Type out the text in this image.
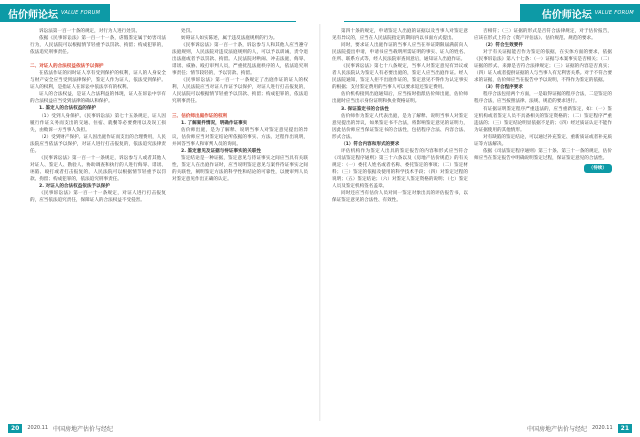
估价师论坛 VALUE FORUM	估价师论坛 VALUE FORUM

诉讼法第一百一十条的规定，对行为人进行处罚。

依据《民事诉讼法》第一百一十一条，虐假鉴定属于妨害司法行为，人民法院可以根据情节轻重予以罚款、拘留；构成犯罪的，依法追究刑事责任。

二、对证人的合法权益依法予以保护

在依法作证的同时证人享有受到保护的权利，证人的人身安全与财产安全应当受到法律保护，鉴定人作为证人，依法受到保护。证人的权利，是指证人在诉讼中依法享有的权利。

证人的合法权益，是证人合法利益的体现，证人在诉讼中享有的合法权益应当受到法律的确认和保护。

1. 鉴定人的合法权益的保护

（1）受到人身保护。《民事诉讼法》第七十五条规定，证人因履行作证义务而支出的交通、住宿、就餐等必要费用以及误工损失，由败诉一方当事人负担。

（2）受到财产保护。证人因出庭作证而支出的合理费用，人民法院应当依法予以保护，对证人进行打击报复的，依法追究法律责任。

《民事诉讼法》第一百一十一条规定，诉讼参与人或者其他人对证人、鉴定人、勘验人、协助调查和执行的人进行侮辱、诽谤、诬陷、殴打或者打击报复的，人民法院可以根据情节轻重予以罚款、拘留；构成犯罪的，依法追究刑事责任。

2. 对证人的合法权益依法予以保护

《民事诉讼法》第一百一十一条规定，对证人进行打击报复的，应当依法追究责任，保障证人的合法权益不受侵害。

处罚。

妨碍证人如实陈述，属于违反法庭规则的行为。

《民事诉讼法》第一百一十条，诉讼参与人和其他人应当遵守法庭规则，人民法院对违反法庭规则的人，可以予以训诫，责令退出法庭或者予以罚款、拘留。人民法院对哄闹、冲击法庭，侮辱、诽谤、威胁、殴打审判人员，严重扰乱法庭秩序的人，依法追究刑事责任；情节较轻的，予以罚款、拘留。

《民事诉讼法》第一百一十一条规定了出庭作证的证人的权利，人民法院应当对证人作证予以保护，对证人进行打击报复的，人民法院可以根据情节轻重予以罚款、拘留；构成犯罪的，依法追究刑事责任。

三、估价师出庭作证的权利

1. 了解案件情况，明确作证事实

估价师出庭，是为了解释、说明当事人对鉴定意见提出的异议，估价师应当对鉴定结论所依据的事实、方法、过程作出说明，并回答当事人和审判人员的询问。

2. 鉴定意见及证据与待证事实的关联性

鉴定结论是一种证据，鉴定意见与待证事实之间应当具有关联性，鉴定人在出庭作证时，应当说明鉴定意见与案件待证事实之间的关联性，阐明鉴定方法的科学性和结论的可靠性，以便审判人员对鉴定意见作出正确的认定。

第四十条的规定，申请鉴定人出庭的证据以及当事人对鉴定意见有异议的，应当在人民法院指定的期间内以书面方式提出。

同时，要求证人出庭作证的当事人应当在举证期限届满前向人民法院提出申请，申请书应当载明所需证明的事实、证人的姓名、住所、联系方式等，经人民法院审查同意后，通知证人出庭作证。

《民事诉讼法》第七十八条规定，当事人对鉴定意见有异议或者人民法院认为鉴定人有必要出庭的，鉴定人应当出庭作证。经人民法院通知，鉴定人拒不出庭作证的，鉴定意见不得作为认定事实的根据；支付鉴定费用的当事人可以要求返还鉴定费用。

估价机构接到出庭通知后，应当按时指派估价师出庭，估价师出庭时应当出示身份证明和执业资格证明。

3. 保证鉴定书的合法性

估价师作为鉴定人代表出庭，是为了解释、说明当事人对鉴定意见提出的异议，如果鉴定书不合法，将影响鉴定意见的证明力，因此估价师应当保证鉴定书的合法性，包括程序合法、内容合法、形式合法。

（1）符合内容和形式的要求

评估机构作为鉴定人出具的鉴定报告的内容和形式应当符合《司法鉴定程序通则》第三十六条以及《房地产估价规范》的有关规定：（一）委托人姓名或者名称、委托鉴定的事项；（二）鉴定材料；（三）鉴定的依据及使用的科学技术手段；（四）对鉴定过程的说明；（五）鉴定结论；（六）对鉴定人鉴定资格的说明；（七）鉴定人员及鉴定机构签名盖章。

同时还应当有估价人员对同一鉴定对象出具的评估报告书，以保证鉴定意见的合法性、有效性。

否相符；（三）证据的形式是否符合法律规定，对于估价报告，应该在形式上符合《资产评估法》、估价规范、规范的要求。

（2）符合生效要件

对于有关证据能否作为鉴定的依据，在实体方面的要求，依据《民事诉讼法》第八十七条：（一）证据与本案事实是否相关；（二）证据的形式、来源是否符合法律规定；（三）证据的内容是否真实；（四）证人或者提供证据的人与当事人有无利害关系。对于不符合要求的证据，估价师应当在报告中予以说明，不得作为鉴定的依据。

（3）符合程序要求

程序合法包括两个方面，一是取得证据的程序合法，二是鉴定的程序合法，应当按照法律、法规、规范的要求进行。

有证据证明鉴定程序严重违法的，应当重新鉴定，如：（一）鉴定机构或者鉴定人员不具备相关的鉴定资格的；（二）鉴定程序严重违法的；（三）鉴定结论明显依据不足的；（四）经过质证认定不能作为证据使用的其他情形。

对有缺陷的鉴定结论，可以通过补充鉴定、重新质证或者补充质证等方法解决。

依据《司法鉴定程序通则》第三十条、第三十一条的规定，估价师应当在鉴定报告中明确说明鉴定过程，保证鉴定意见的合法性。

（待续）
20	2020.11 中国房地产估价与经纪	中国房地产估价与经纪 2020.11	21
